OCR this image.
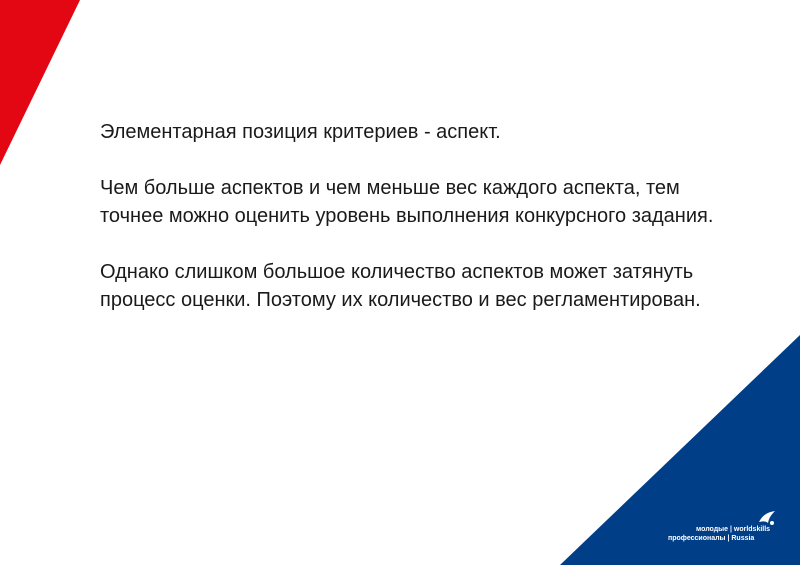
Элементарная позиция критериев - аспект.

Чем больше аспектов и чем меньше вес каждого аспекта, тем точнее можно оценить уровень выполнения конкурсного задания.

Однако слишком большое количество аспектов может затянуть процесс оценки. Поэтому их количество и вес регламентирован.

молодые | worldskills
профессионалы | Russia
